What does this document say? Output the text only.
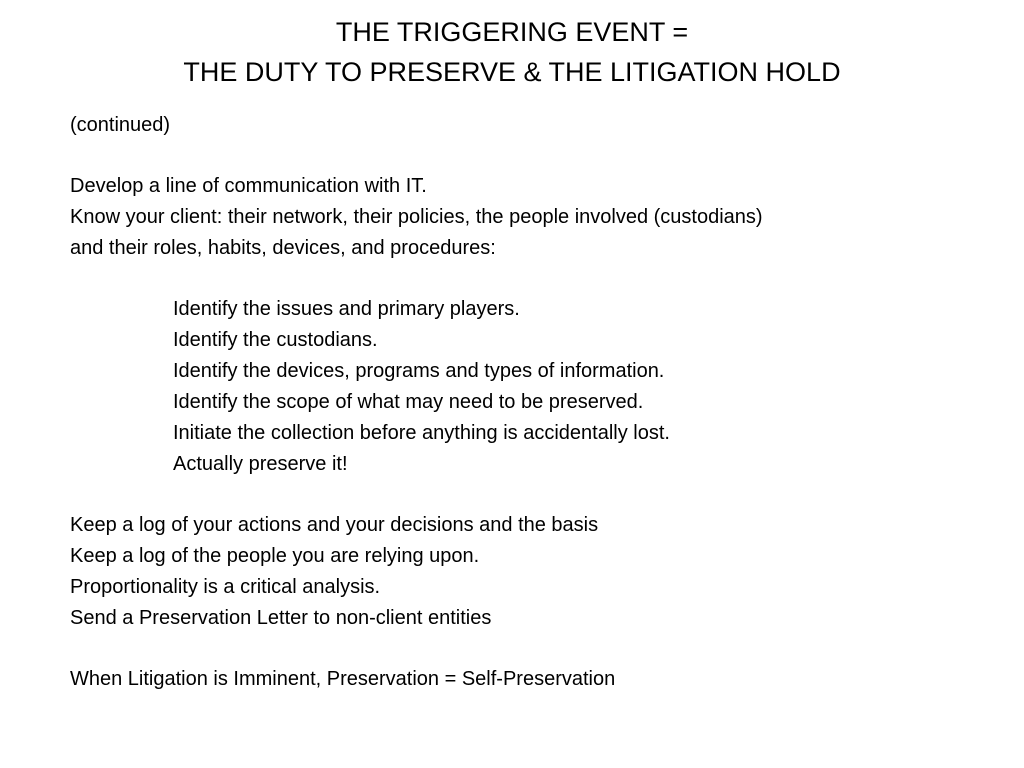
THE TRIGGERING EVENT =
THE DUTY TO PRESERVE & THE LITIGATION HOLD
(continued)
Develop a line of communication with IT.
Know your client: their network, their policies, the people involved (custodians)
and their roles, habits, devices, and procedures:
Identify the issues and primary players.
Identify the custodians.
Identify the devices, programs and types of information.
Identify the scope of what may need to be preserved.
Initiate the collection before anything is accidentally lost.
Actually preserve it!
Keep a log of your actions and your decisions and the basis
Keep a log of the people you are relying upon.
Proportionality is a critical analysis.
Send a Preservation Letter to non-client entities
When Litigation is Imminent, Preservation = Self-Preservation
